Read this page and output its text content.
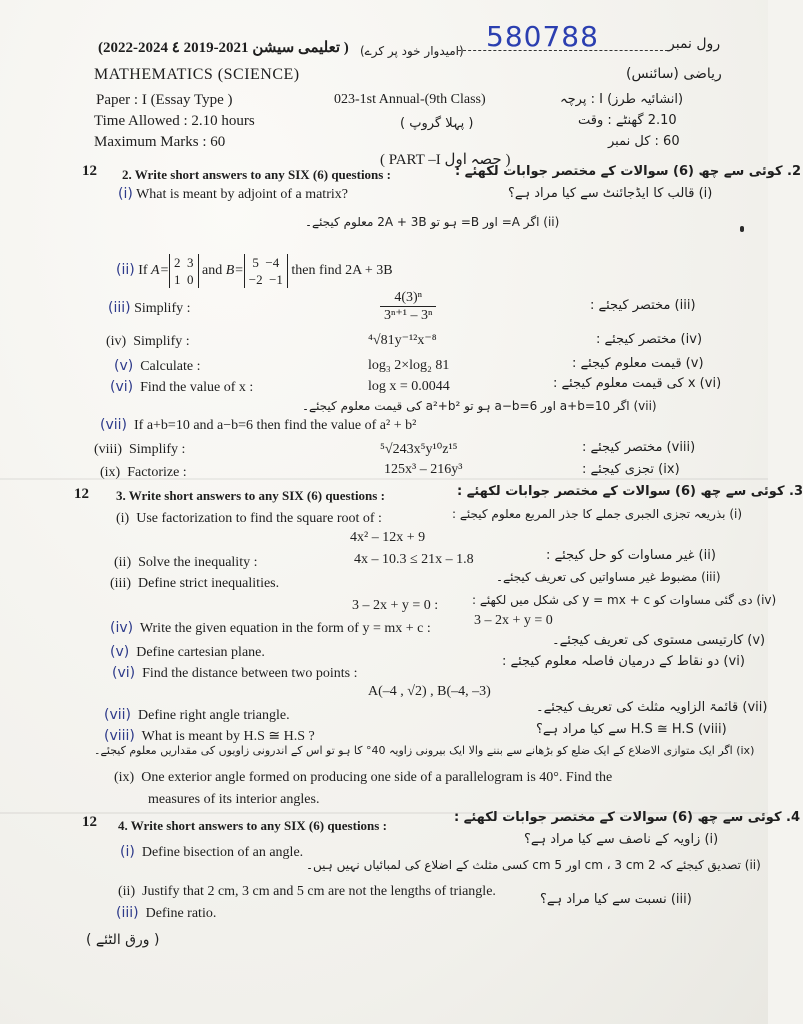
(2022-2024 ٤ 2019-2021 تعلیمی سیشن ) (امیدوار خود پر کرے) 580788	رول نمبر
MATHEMATICS (SCIENCE)	ریاضی (سائنس)
Paper : I (Essay Type )	023-1st Annual-(9th Class)	(انشائیہ طرز) I : پرچہ
Time Allowed : 2.10 hours	( پہلا گروپ )	2.10 گھنٹے : وقت
Maximum Marks : 60	60 : کل نمبر
( PART –I حصہ اول )
12 2. Write short answers to any SIX (6) questions :	2. کوئی سے چھ (6) سوالات کے مختصر جوابات لکھئے :
(i) What is meant by adjoint of a matrix?	(i) قالب کا ایڈجائنٹ سے کیا مراد ہے؟
(ii) اگر A= اور B= ہو تو 2A + 3B معلوم کیجئے۔
(ii) If A=2  3
1  0 and B=5  −4
−2  −1 then find 2A + 3B
(iii) Simplify :	$\frac{\text{4(3)ⁿ}}{\text{3ⁿ⁺¹ – 3ⁿ}}$	(iii) مختصر کیجئے :
(iv)  Simplify :	⁴√81y⁻¹²x⁻⁸	(iv) مختصر کیجئے :
(v) Calculate :	log₃ 2×log₂ 81	(v) قیمت معلوم کیجئے :
(vi) Find the value of x :	log x = 0.0044	(vi) x کی قیمت معلوم کیجئے :
(vii) اگر a+b=10 اور a−b=6 ہو تو a²+b² کی قیمت معلوم کیجئے۔
(vii) If a+b=10 and a−b=6 then find the value of a² + b²
(viii)  Simplify :	⁵√243x⁵y¹⁰z¹⁵	(viii) مختصر کیجئے :
(ix)  Factorize :	125x³ – 216y³	(ix) تجزی کیجئے :
12 3. Write short answers to any SIX (6) questions :	3. کوئی سے چھ (6) سوالات کے مختصر جوابات لکھئے :
(i)  Use factorization to find the square root of :	(i) بذریعہ تجزی الجبری جملے کا جذر المربع معلوم کیجئے :
4x² – 12x + 9
(ii)  Solve the inequality :	4x – 10.3 ≤ 21x – 1.8	(ii) غیر مساوات کو حل کیجئے :
(iii)  Define strict inequalities.	(iii) مضبوط غیر مساواتیں کی تعریف کیجئے۔
3 – 2x + y = 0 :	(iv) دی گئی مساوات کو y = mx + c کی شکل میں لکھئے :
3 – 2x + y = 0
(iv) Write the given equation in the form of y = mx + c :
(v) Define cartesian plane.
(v) کارتیسی مستوی کی تعریف کیجئے۔
(vi) Find the distance between two points :
(vi) دو نقاط کے درمیان فاصلہ معلوم کیجئے :
A(–4 , √2) , B(–4, –3)
(vii) Define right angle triangle.
(vii) قائمۃ الزاویہ مثلث کی تعریف کیجئے۔
(viii) What is meant by H.S ≅ H.S ?	(viii) H.S ≅ H.S سے کیا مراد ہے؟
(ix) اگر ایک متوازی الاضلاع کے ایک ضلع کو بڑھانے سے بننے والا ایک بیرونی زاویہ 40° کا ہو تو اس کے اندرونی زاویوں کی مقداریں معلوم کیجئے۔
(ix)  One exterior angle formed on producing one side of a parallelogram is 40°. Find the
measures of its interior angles.
12 4. Write short answers to any SIX (6) questions :
4. کوئی سے چھ (6) سوالات کے مختصر جوابات لکھئے :
(i) زاویہ کے ناصف سے کیا مراد ہے؟
(i) Define bisection of an angle.
(ii) تصدیق کیجئے کہ 2 cm ، 3 cm اور 5 cm کسی مثلث کے اضلاع کی لمبائیاں نہیں ہیں۔
(ii)  Justify that 2 cm, 3 cm and 5 cm are not the lengths of triangle.
(iii) Define ratio.
(iii) نسبت سے کیا مراد ہے؟
( ورق الٹئے )
